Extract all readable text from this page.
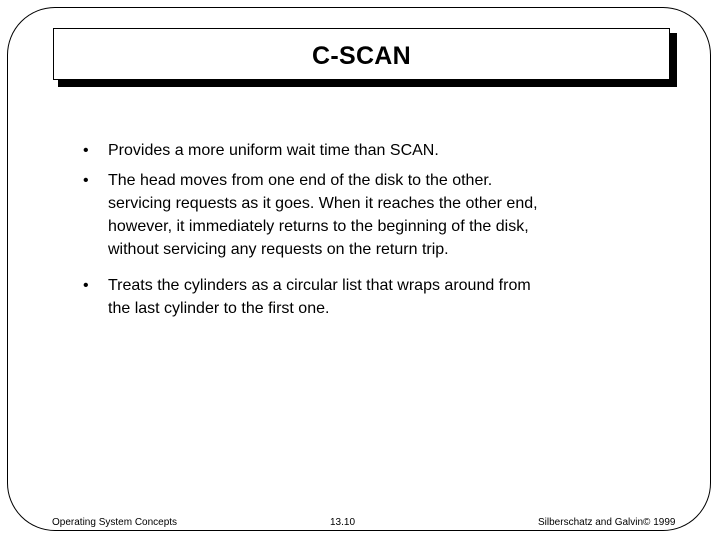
C-SCAN
• Provides a more uniform wait time than SCAN.
• The head moves from one end of the disk to the other.
servicing requests as it goes. When it reaches the other end,
however, it immediately returns to the beginning of the disk,
without servicing any requests on the return trip.
• Treats the cylinders as a circular list that wraps around from
the last cylinder to the first one.
Operating System Concepts	13.10	Silberschatz and Galvin© 1999
